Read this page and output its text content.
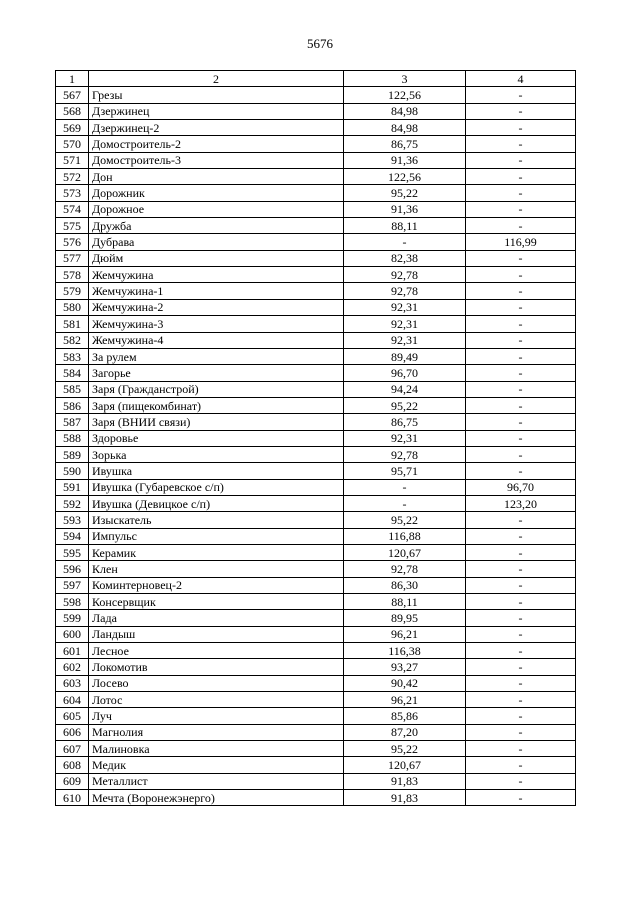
5676
1	2	3	4
567	Грезы	122,56	-
568	Дзержинец	84,98	-
569	Дзержинец-2	84,98	-
570	Домостроитель-2	86,75	-
571	Домостроитель-3	91,36	-
572	Дон	122,56	-
573	Дорожник	95,22	-
574	Дорожное	91,36	-
575	Дружба	88,11	-
576	Дубрава	-	116,99
577	Дюйм	82,38	-
578	Жемчужина	92,78	-
579	Жемчужина-1	92,78	-
580	Жемчужина-2	92,31	-
581	Жемчужина-3	92,31	-
582	Жемчужина-4	92,31	-
583	За рулем	89,49	-
584	Загорье	96,70	-
585	Заря (Гражданстрой)	94,24	-
586	Заря (пищекомбинат)	95,22	-
587	Заря (ВНИИ связи)	86,75	-
588	Здоровье	92,31	-
589	Зорька	92,78	-
590	Ивушка	95,71	-
591	Ивушка (Губаревское с/п)	-	96,70
592	Ивушка (Девицкое с/п)	-	123,20
593	Изыскатель	95,22	-
594	Импульс	116,88	-
595	Керамик	120,67	-
596	Клен	92,78	-
597	Коминтерновец-2	86,30	-
598	Консервщик	88,11	-
599	Лада	89,95	-
600	Ландыш	96,21	-
601	Лесное	116,38	-
602	Локомотив	93,27	-
603	Лосево	90,42	-
604	Лотос	96,21	-
605	Луч	85,86	-
606	Магнолия	87,20	-
607	Малиновка	95,22	-
608	Медик	120,67	-
609	Металлист	91,83	-
610	Мечта (Воронежэнерго)	91,83	-
